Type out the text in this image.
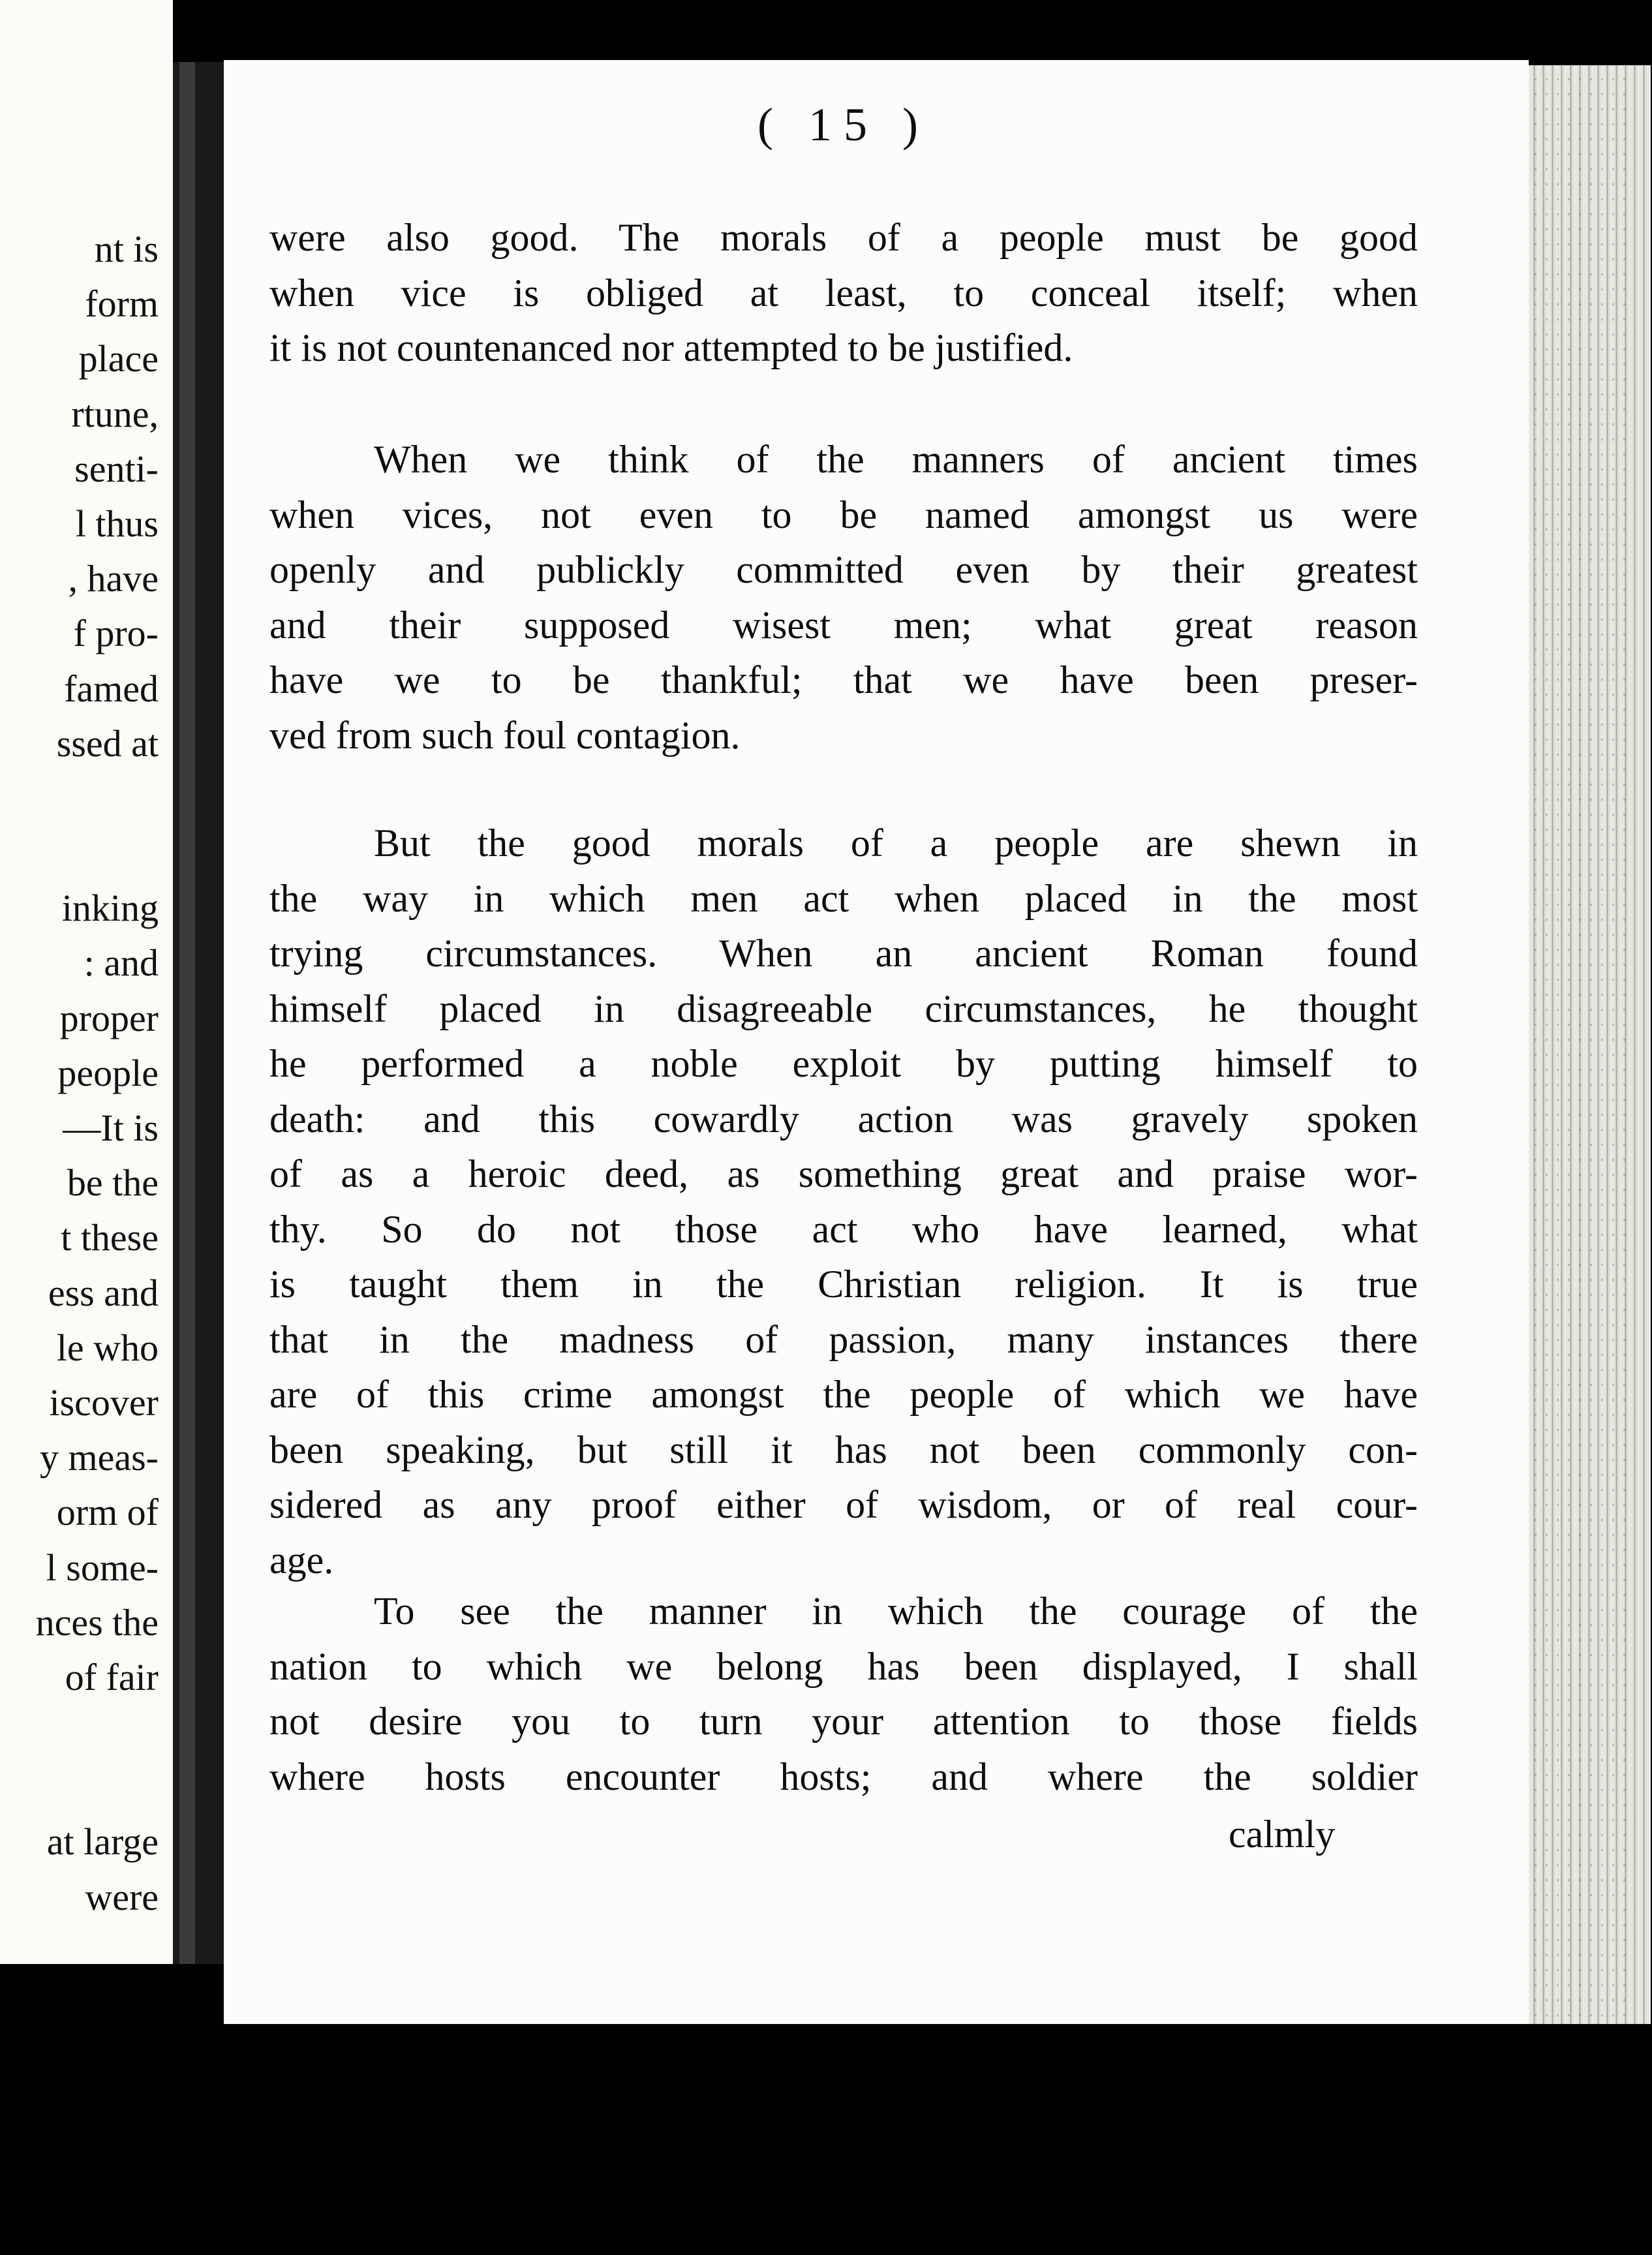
nt is
form
place
rtune,
senti-
l thus
, have
f pro-
famed
ssed at
inking
: and
proper
people
—It is
be the
t these
ess and
le who
iscover
y meas-
orm of
l some-
nces the
of fair
at large
were
( 15 )
were also good. The morals of a people must be good
when vice is obliged at least, to conceal itself; when
it is not countenanced nor attempted to be justified.
When we think of the manners of ancient times
when vices, not even to be named amongst us were
openly and publickly committed even by their greatest
and their supposed wisest men; what great reason
have we to be thankful; that we have been preser-
ved from such foul contagion.
But the good morals of a people are shewn in
the way in which men act when placed in the most
trying circumstances. When an ancient Roman found
himself placed in disagreeable circumstances, he thought
he performed a noble exploit by putting himself to
death: and this cowardly action was gravely spoken
of as a heroic deed, as something great and praise wor-
thy. So do not those act who have learned, what
is taught them in the Christian religion. It is true
that in the madness of passion, many instances there
are of this crime amongst the people of which we have
been speaking, but still it has not been commonly con-
sidered as any proof either of wisdom, or of real cour-
age.
To see the manner in which the courage of the
nation to which we belong has been displayed, I shall
not desire you to turn your attention to those fields
where hosts encounter hosts; and where the soldier
calmly
